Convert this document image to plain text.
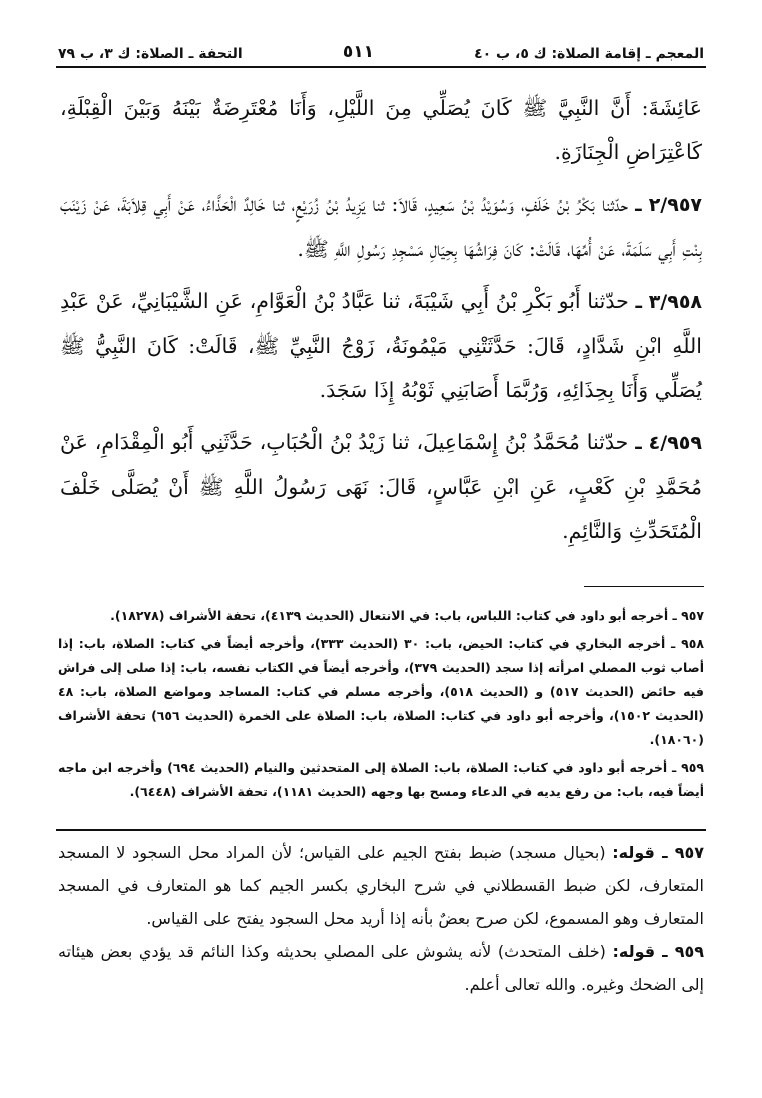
المعجم ـ إقامة الصلاة: ك ٥، ب ٤٠
٥١١
التحفة ـ الصلاة: ك ٣، ب ٧٩

عَائِشَةَ: أَنَّ النَّبِيَّ ﷺ كَانَ يُصَلِّي مِنَ اللَّيْلِ، وَأَنَا مُعْتَرِضَةٌ بَيْنَهُ وَبَيْنَ الْقِبْلَةِ، كَاعْتِرَاضِ الْجِنَازَةِ.

٢/٩٥٧ ـ حدّثنا بَكْرُ بْنُ خَلَفٍ، وَسُوَيْدُ بْنُ سَعِيدٍ، قَالاَ: ثنا يَزِيدُ بْنُ زُرَيْعٍ، ثنا خَالِدٌ الْحَذَّاءُ، عَنْ أَبِي قِلاَبَةَ، عَنْ زَيْنَبَ بِنْتِ أَبِي سَلَمَةَ، عَنْ أُمِّهَا، قَالَتْ: كَانَ فِرَاشُهَا بِحِيَالِ مَسْجِدِ رَسُولِ اللَّهِ ﷺ.

٣/٩٥٨ ـ حدّثنا أَبُو بَكْرِ بْنُ أَبِي شَيْبَةَ، ثنا عَبَّادُ بْنُ الْعَوَّامِ، عَنِ الشَّيْبَانِيِّ، عَنْ عَبْدِ اللَّهِ ابْنِ شَدَّادٍ، قَالَ: حَدَّثَتْنِي مَيْمُونَةُ، زَوْجُ النَّبِيِّ ﷺ، قَالَتْ: كَانَ النَّبِيُّ ﷺ يُصَلِّي وَأَنَا بِحِذَائِهِ، وَرُبَّمَا أَصَابَنِي ثَوْبُهُ إِذَا سَجَدَ.

٤/٩٥٩ ـ حدّثنا مُحَمَّدُ بْنُ إِسْمَاعِيلَ، ثنا زَيْدُ بْنُ الْحُبَابِ، حَدَّثَنِي أَبُو الْمِقْدَامِ، عَنْ مُحَمَّدِ بْنِ كَعْبٍ، عَنِ ابْنِ عَبَّاسٍ، قَالَ: نَهَى رَسُولُ اللَّهِ ﷺ أَنْ يُصَلَّى خَلْفَ الْمُتَحَدِّثِ وَالنَّائِمِ.

٩٥٧ ـ أخرجه أبو داود في كتاب: اللباس، باب: في الانتعال (الحديث ٤١٣٩)، تحفة الأشراف (١٨٢٧٨).

٩٥٨ ـ أخرجه البخاري في كتاب: الحيض، باب: ٣٠ (الحديث ٣٣٣)، وأخرجه أيضاً في كتاب: الصلاة، باب: إذا أصاب ثوب المصلي امرأته إذا سجد (الحديث ٣٧٩)، وأخرجه أيضاً في الكتاب نفسه، باب: إذا صلى إلى فراش فيه حائض (الحديث ٥١٧) و (الحديث ٥١٨)، وأخرجه مسلم في كتاب: المساجد ومواضع الصلاة، باب: ٤٨ (الحديث ١٥٠٢)، وأخرجه أبو داود في كتاب: الصلاة، باب: الصلاة على الخمرة (الحديث ٦٥٦) تحفة الأشراف (١٨٠٦٠).

٩٥٩ ـ أخرجه أبو داود في كتاب: الصلاة، باب: الصلاة إلى المتحدثين والنيام (الحديث ٦٩٤) وأخرجه ابن ماجه أيضاً فيه، باب: من رفع يديه في الدعاء ومسح بها وجهه (الحديث ١١٨١)، تحفة الأشراف (٦٤٤٨).

٩٥٧ ـ قوله: (بحيال مسجد) ضبط بفتح الجيم على القياس؛ لأن المراد محل السجود لا المسجد المتعارف، لكن ضبط القسطلاني في شرح البخاري بكسر الجيم كما هو المتعارف في المسجد المتعارف وهو المسموع، لكن صرح بعضٌ بأنه إذا أريد محل السجود يفتح على القياس.

٩٥٩ ـ قوله: (خلف المتحدث) لأنه يشوش على المصلي بحديثه وكذا النائم قد يؤدي بعض هيئاته إلى الضحك وغيره. والله تعالى أعلم.
